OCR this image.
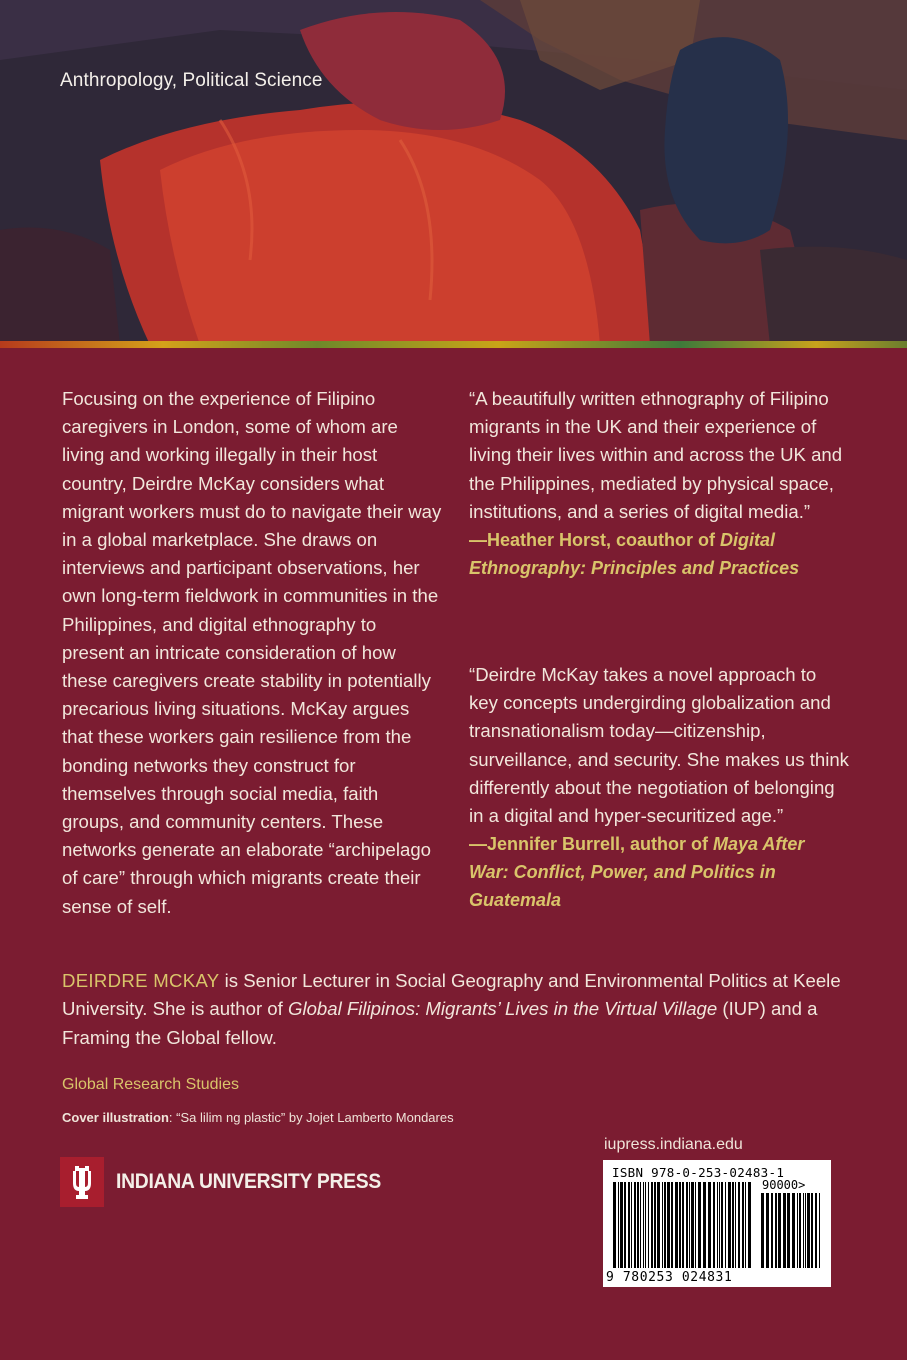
Anthropology, Political Science
Focusing on the experience of Filipino caregivers in London, some of whom are living and working illegally in their host country, Deirdre McKay considers what migrant workers must do to navigate their way in a global marketplace. She draws on interviews and participant observations, her own long-term fieldwork in communities in the Philippines, and digital ethnography to present an intricate consideration of how these caregivers create stability in potentially precarious living situations. McKay argues that these workers gain resilience from the bonding networks they construct for themselves through social media, faith groups, and community centers. These networks generate an elaborate “archipelago of care” through which migrants create their sense of self.
“A beautifully written ethnography of Filipino migrants in the UK and their experience of living their lives within and across the UK and the Philippines, mediated by physical space, institutions, and a series of digital media.”
—Heather Horst, coauthor of Digital Ethnography: Principles and Practices
“Deirdre McKay takes a novel approach to key concepts undergirding globalization and transnationalism today—citizenship, surveillance, and security. She makes us think differently about the negotiation of belonging in a digital and hyper-securitized age.”
—Jennifer Burrell, author of Maya After War: Conflict, Power, and Politics in Guatemala
DEIRDRE MCKAY is Senior Lecturer in Social Geography and Environmental Politics at Keele University. She is author of Global Filipinos: Migrants’ Lives in the Virtual Village (IUP) and a Framing the Global fellow.
Global Research Studies
Cover illustration: “Sa lilim ng plastic” by Jojet Lamberto Mondares
INDIANA UNIVERSITY PRESS
iupress.indiana.edu
ISBN 978-0-253-02483-1
90000>
9 780253 024831
